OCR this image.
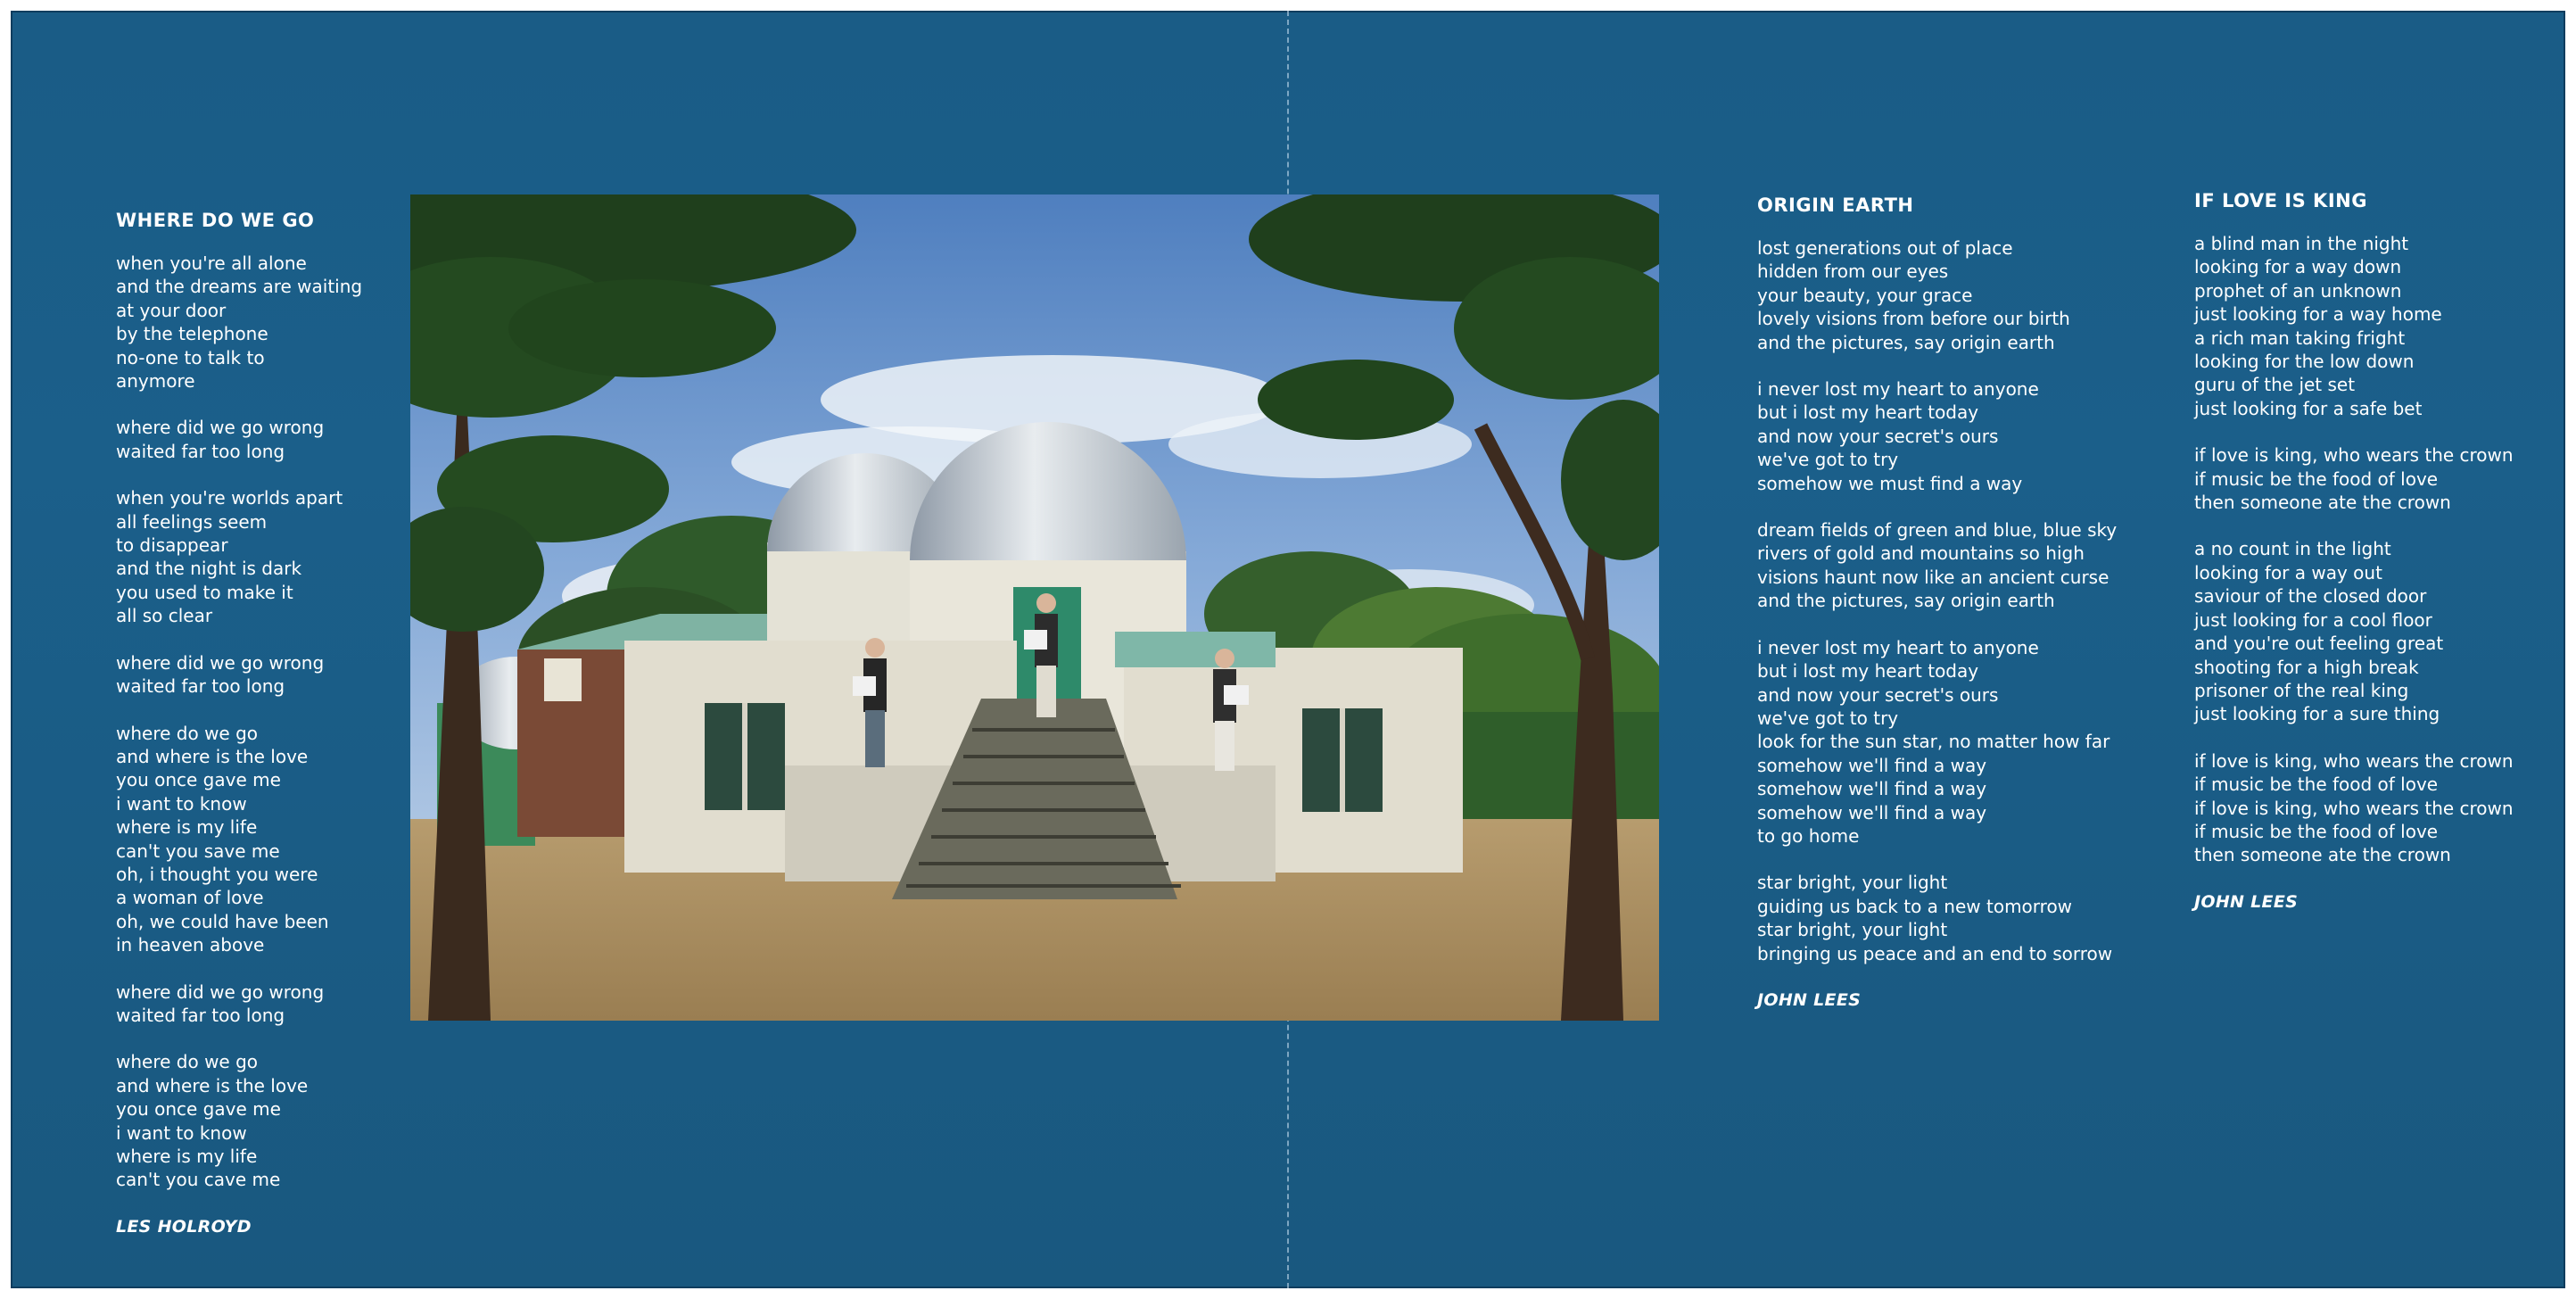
WHERE DO WE GO
when you're all alone
and the dreams are waiting
at your door
by the telephone
no-one to talk to
anymore
where did we go wrong
waited far too long
when you're worlds apart
all feelings seem
to disappear
and the night is dark
you used to make it
all so clear
where did we go wrong
waited far too long
where do we go
and where is the love
you once gave me
i want to know
where is my life
can't you save me
oh, i thought you were
a woman of love
oh, we could have been
in heaven above
where did we go wrong
waited far too long
where do we go
and where is the love
you once gave me
i want to know
where is my life
can't you cave me
LES HOLROYD
ORIGIN EARTH
lost generations out of place
hidden from our eyes
your beauty, your grace
lovely visions from before our birth
and the pictures, say origin earth
i never lost my heart to anyone
but i lost my heart today
and now your secret's ours
we've got to try
somehow we must find a way
dream fields of green and blue, blue sky
rivers of gold and mountains so high
visions haunt now like an ancient curse
and the pictures, say origin earth
i never lost my heart to anyone
but i lost my heart today
and now your secret's ours
we've got to try
look for the sun star, no matter how far
somehow we'll find a way
somehow we'll find a way
somehow we'll find a way
to go home
star bright, your light
guiding us back to a new tomorrow
star bright, your light
bringing us peace and an end to sorrow
JOHN LEES
IF LOVE IS KING
a blind man in the night
looking for a way down
prophet of an unknown
just looking for a way home
a rich man taking fright
looking for the low down
guru of the jet set
just looking for a safe bet
if love is king, who wears the crown
if music be the food of love
then someone ate the crown
a no count in the light
looking for a way out
saviour of the closed door
just looking for a cool floor
and you're out feeling great
shooting for a high break
prisoner of the real king
just looking for a sure thing
if love is king, who wears the crown
if music be the food of love
if love is king, who wears the crown
if music be the food of love
then someone ate the crown
JOHN LEES
